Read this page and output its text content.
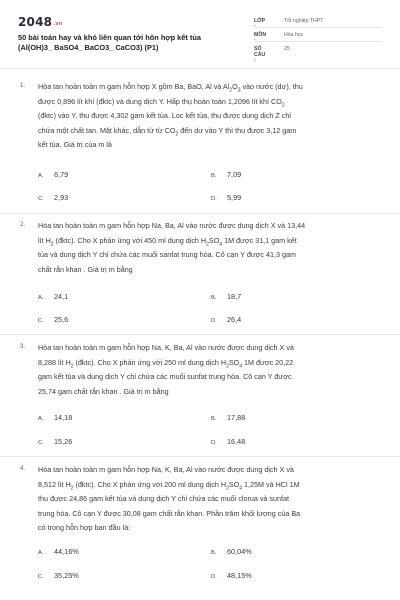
$2048^{.vn}$
50 bài toán hay và khó liên quan tới hôn hợp kết tủa (Al(OH)3_ BaSO4_ BaCO3_ CaCO3) (P1)
LỚP :
Tốt nghiệp THPT
MÔN :
Hóa học
SỐ CÂU :
25
1. Hòa tan hoàn toàn m gam hỗn hợp X gồm Ba, BaO, Al và $Al_2O_3$ vào nước (dư), thu
được 0,896 lít khí (đktc) và dung dịch Y. Hấp thụ hoàn toàn 1,2096 lít khí $CO_2$
(đktc) vào Y, thu được 4,302 gam kết tủa. Lọc kết tủa, thu được dung dịch Z chỉ
chứa một chất tan. Mặt khác, dẫn từ từ $CO_2$ đến dư vào Y thì thu được 3,12 gam
kết tủa. Giá trị của m là
A. 6,79	B. 7,09
C. 2,93	D. 5,99
2. Hòa tan hoàn toàn m gam hỗn hợp Na, Ba, Al vào nước được dung dịch X và 13,44
lít $H_2$ (đktc). Cho X phản ứng với 450 ml dung dịch $H_2SO_4$ 1M được 31,1 gam kết
tủa và dung dịch Y chỉ chứa các muối sanfat trung hòa. Cô cạn Y được 41,3 gam
chất rắn khan . Giá trị m bằng
A. 24,1	B. 18,7
C. 25,6	D. 26,4
3. Hòa tan hoàn toàn m gam hỗn hợp Na, K, Ba, Al vào nước được dung dịch X và
8,288 lít $H_2$ (đktc). Cho X phản ứng với 250 ml dung dịch $H_2SO_4$ 1M được 20,22
gam kết tủa và dung dịch Y chỉ chứa các muối sunfat trung hòa. Cô cạn Y được
25,74 gam chất rắn khan . Giá trị m bằng
A. 14,18	B. 17,88
C. 15,26	D. 16,48
4. Hòa tan hoàn toàn m gam hỗn hợp Na, K, Ba, Al vào nước được dung dịch X và
8,512 lít $H_2$ (đktc). Cho X phản ứng với 200 ml dung dịch $H_2SO_4$ 1,25M và HCl 1M
thu được 24,86 gam kết tủa và dung dịch Y chỉ chứa các muối clorua và sunfat
trung hòa. Cô cạn Y được 30,08 gam chất rắn khan. Phần trăm khối lượng của Ba
có trong hỗn hợp ban đầu là:
A. 44,16%	B. 60,04%
C. 35,25%	D. 48,15%
